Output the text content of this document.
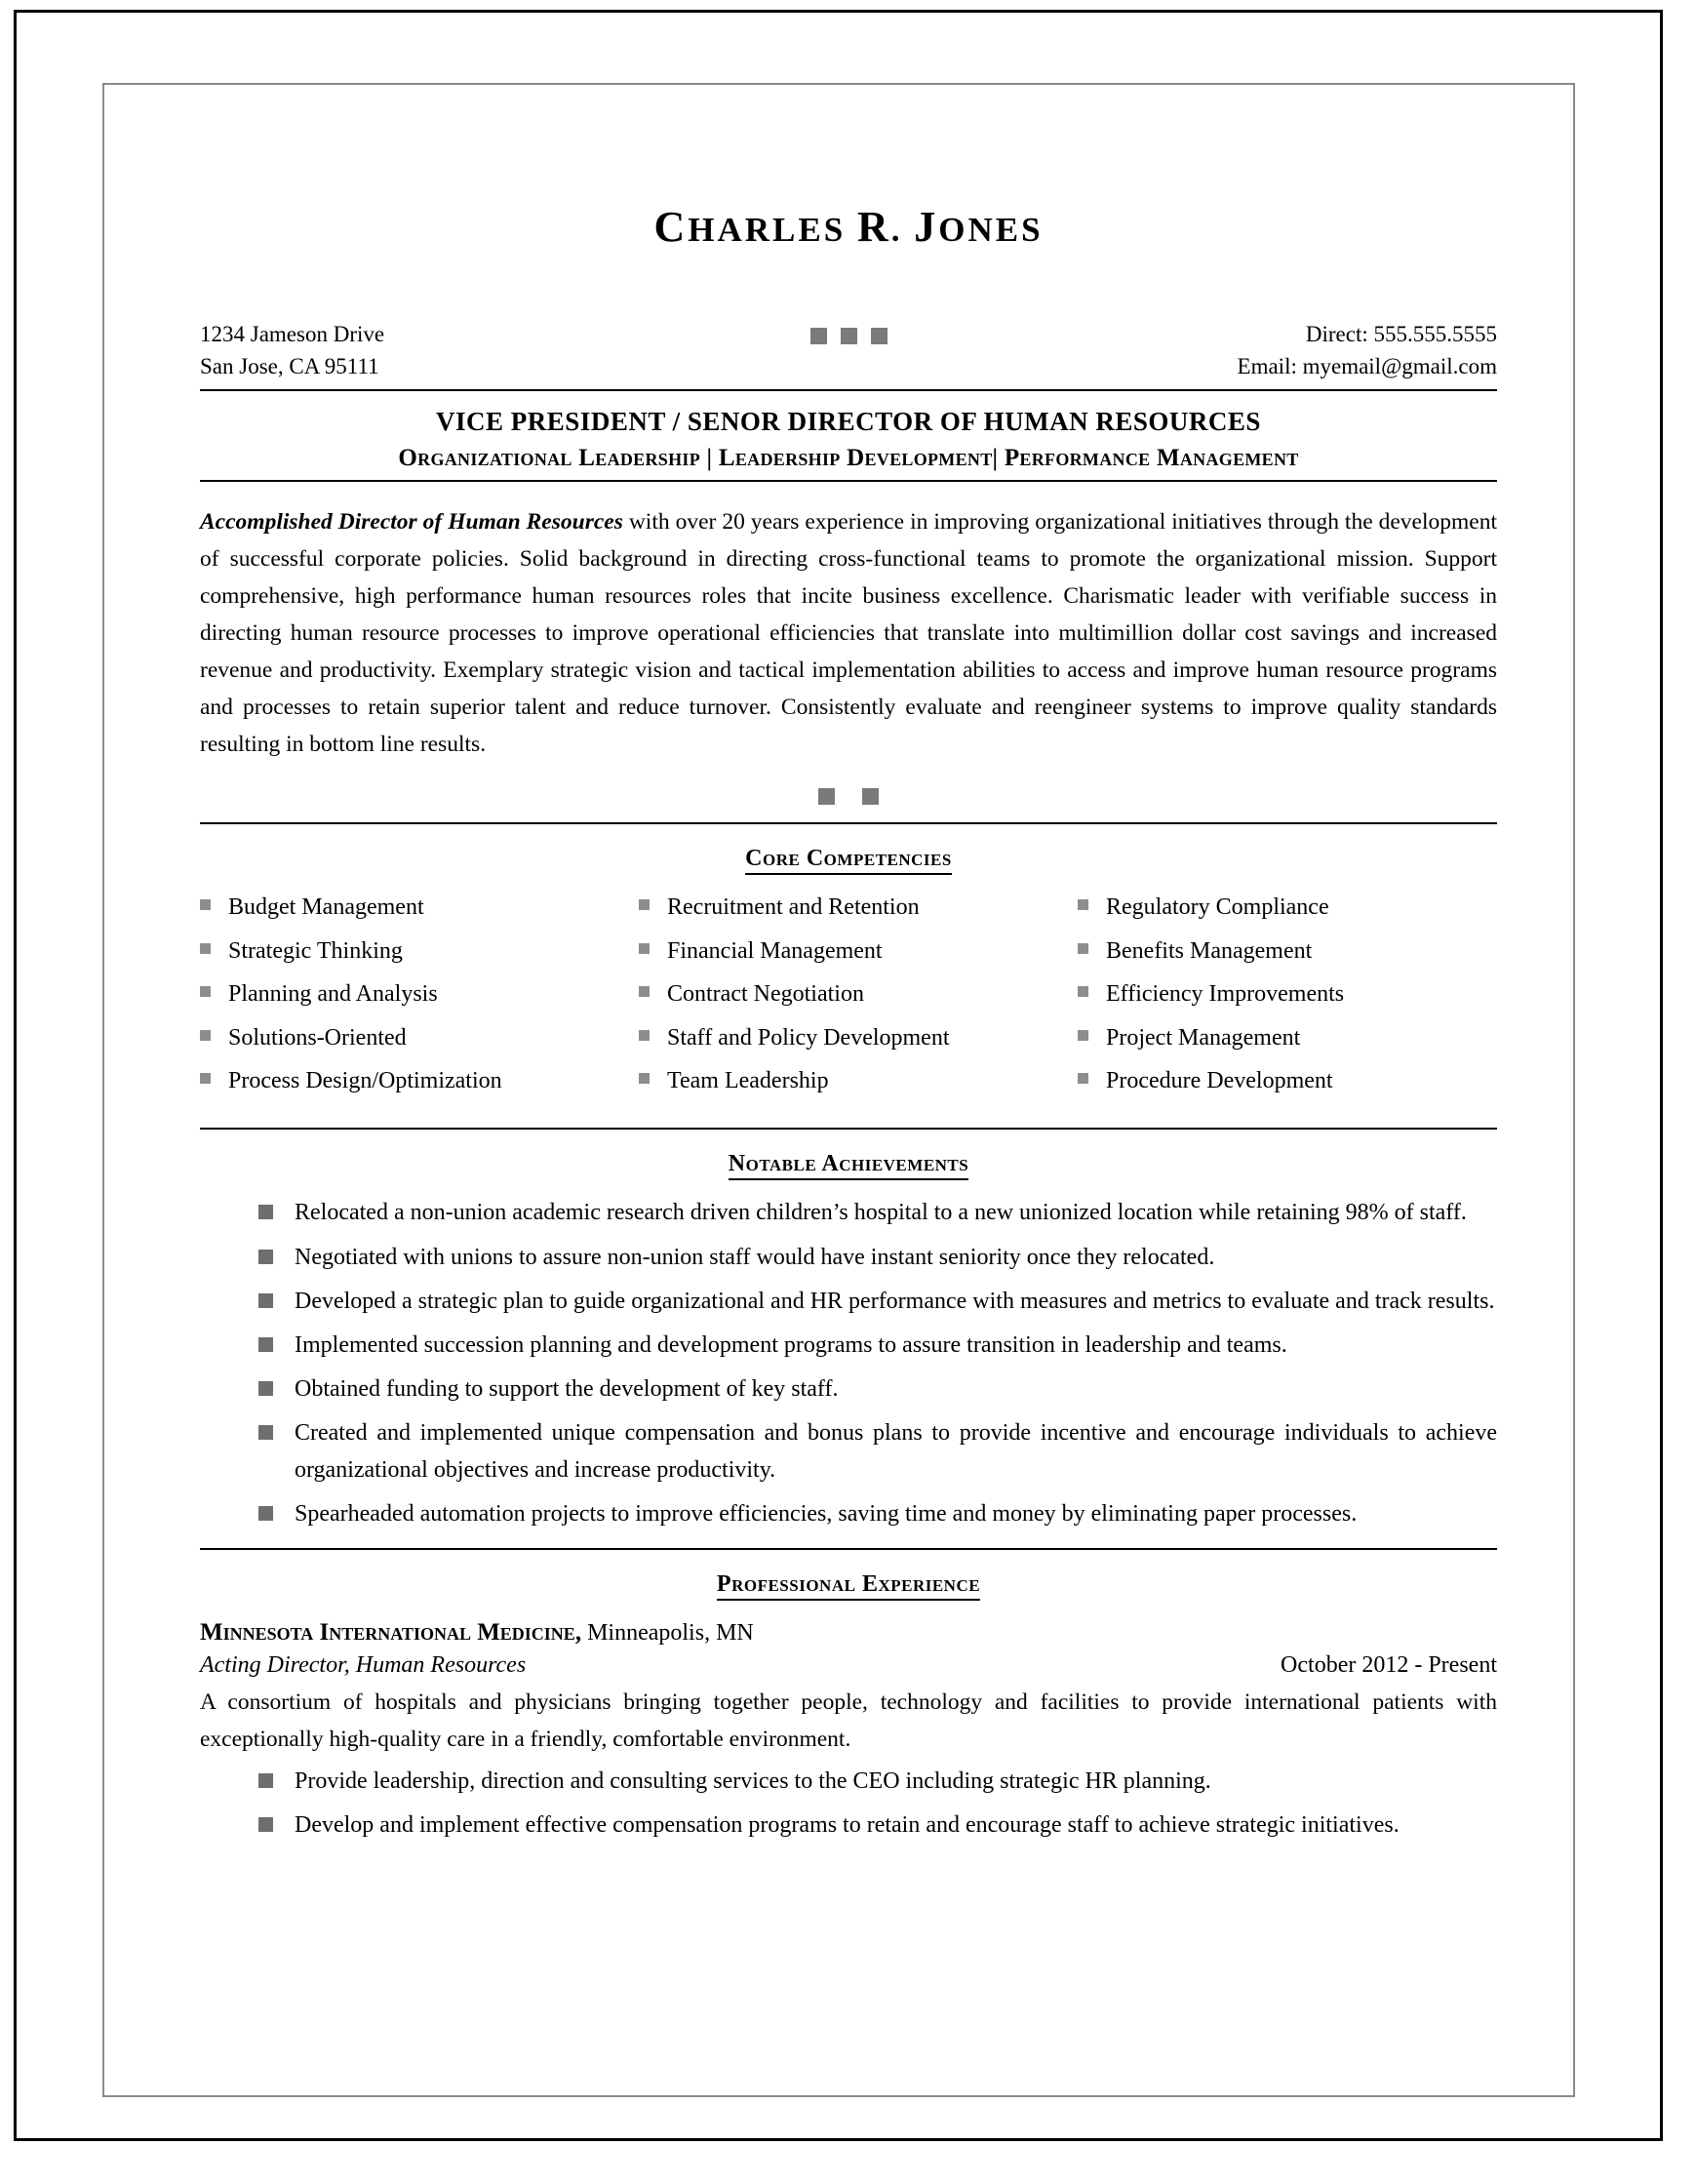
CHARLES R. JONES
1234 Jameson Drive
San Jose, CA 95111
Direct: 555.555.5555
Email: myemail@gmail.com
VICE PRESIDENT / SENOR DIRECTOR OF HUMAN RESOURCES
Organizational Leadership | Leadership Development| Performance Management
Accomplished Director of Human Resources with over 20 years experience in improving organizational initiatives through the development of successful corporate policies. Solid background in directing cross-functional teams to promote the organizational mission. Support comprehensive, high performance human resources roles that incite business excellence. Charismatic leader with verifiable success in directing human resource processes to improve operational efficiencies that translate into multimillion dollar cost savings and increased revenue and productivity. Exemplary strategic vision and tactical implementation abilities to access and improve human resource programs and processes to retain superior talent and reduce turnover. Consistently evaluate and reengineer systems to improve quality standards resulting in bottom line results.
Core Competencies
Budget Management
Strategic Thinking
Planning and Analysis
Solutions-Oriented
Process Design/Optimization
Recruitment and Retention
Financial Management
Contract Negotiation
Staff and Policy Development
Team Leadership
Regulatory Compliance
Benefits Management
Efficiency Improvements
Project Management
Procedure Development
Notable Achievements
Relocated a non-union academic research driven children’s hospital to a new unionized location while retaining 98% of staff.
Negotiated with unions to assure non-union staff would have instant seniority once they relocated.
Developed a strategic plan to guide organizational and HR performance with measures and metrics to evaluate and track results.
Implemented succession planning and development programs to assure transition in leadership and teams.
Obtained funding to support the development of key staff.
Created and implemented unique compensation and bonus plans to provide incentive and encourage individuals to achieve organizational objectives and increase productivity.
Spearheaded automation projects to improve efficiencies, saving time and money by eliminating paper processes.
Professional Experience
Minnesota International Medicine, Minneapolis, MN
Acting Director, Human Resources	October 2012 - Present
A consortium of hospitals and physicians bringing together people, technology and facilities to provide international patients with exceptionally high-quality care in a friendly, comfortable environment.
Provide leadership, direction and consulting services to the CEO including strategic HR planning.
Develop and implement effective compensation programs to retain and encourage staff to achieve strategic initiatives.
